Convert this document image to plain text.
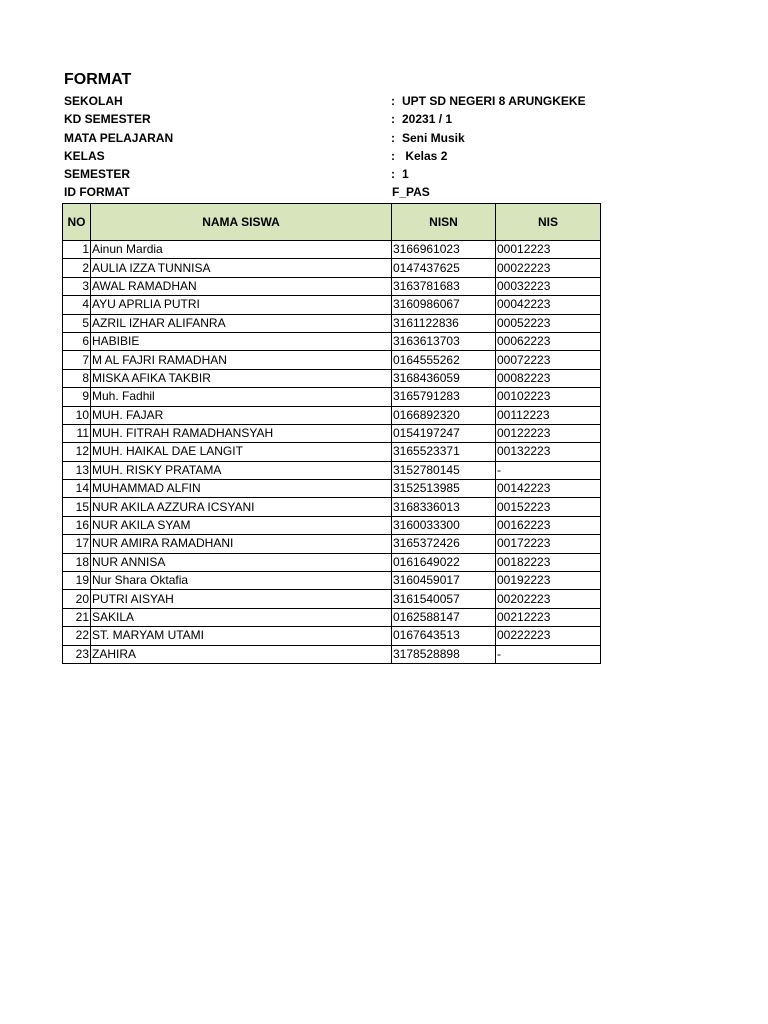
FORMAT
SEKOLAH	: UPT SD NEGERI 8 ARUNGKEKE
KD SEMESTER	: 20231 / 1
MATA PELAJARAN	: Seni Musik
KELAS	: Kelas 2
SEMESTER	: 1
ID FORMAT	F_PAS
NO	NAMA SISWA	NISN	NIS
1	Ainun Mardia	3166961023	00012223
2	AULIA IZZA TUNNISA	0147437625	00022223
3	AWAL RAMADHAN	3163781683	00032223
4	AYU APRLIA PUTRI	3160986067	00042223
5	AZRIL IZHAR ALIFANRA	3161122836	00052223
6	HABIBIE	3163613703	00062223
7	M AL FAJRI RAMADHAN	0164555262	00072223
8	MISKA AFIKA TAKBIR	3168436059	00082223
9	Muh. Fadhil	3165791283	00102223
10	MUH. FAJAR	0166892320	00112223
11	MUH. FITRAH RAMADHANSYAH	0154197247	00122223
12	MUH. HAIKAL DAE LANGIT	3165523371	00132223
13	MUH. RISKY PRATAMA	3152780145	-
14	MUHAMMAD ALFIN	3152513985	00142223
15	NUR AKILA AZZURA ICSYANI	3168336013	00152223
16	NUR AKILA SYAM	3160033300	00162223
17	NUR AMIRA RAMADHANI	3165372426	00172223
18	NUR ANNISA	0161649022	00182223
19	Nur Shara Oktafia	3160459017	00192223
20	PUTRI AISYAH	3161540057	00202223
21	SAKILA	0162588147	00212223
22	ST. MARYAM UTAMI	0167643513	00222223
23	ZAHIRA	3178528898	-
